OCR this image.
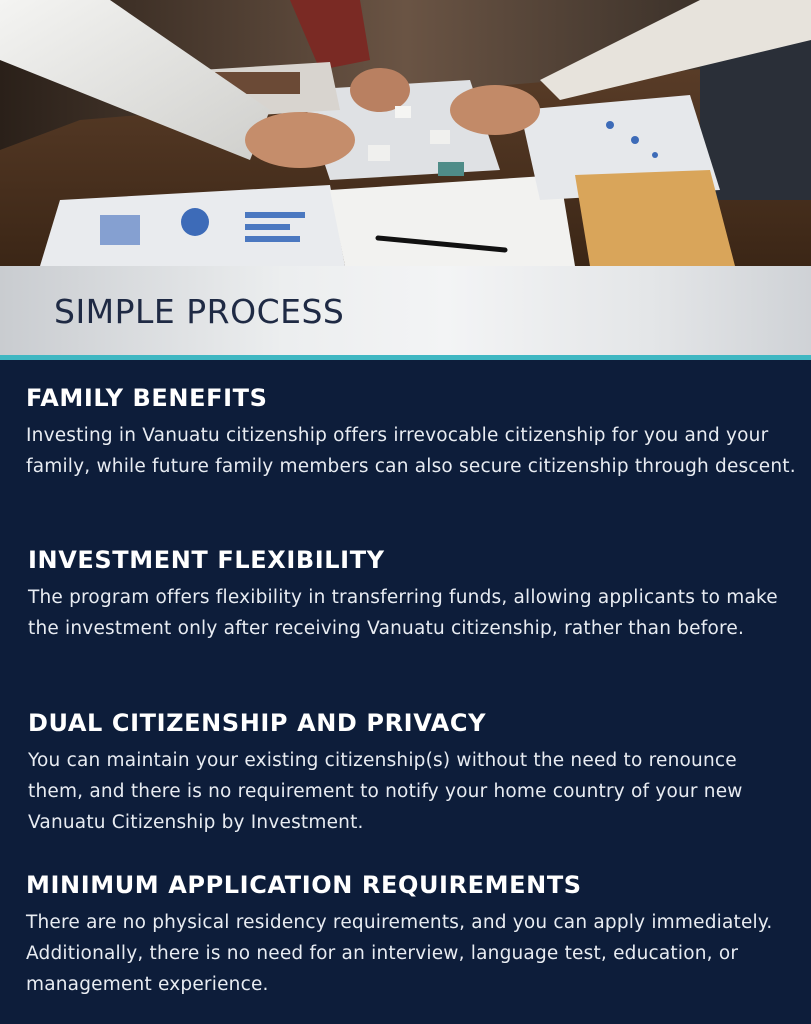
SIMPLE PROCESS
FAMILY BENEFITS

Investing in Vanuatu citizenship offers irrevocable citizenship for you and your family, while future family members can also secure citizenship through descent.

INVESTMENT FLEXIBILITY

The program offers flexibility in transferring funds, allowing applicants to make the investment only after receiving Vanuatu citizenship, rather than before.

DUAL CITIZENSHIP AND PRIVACY

You can maintain your existing citizenship(s) without the need to renounce them, and there is no requirement to notify your home country of your new Vanuatu Citizenship by Investment.

MINIMUM APPLICATION REQUIREMENTS

There are no physical residency requirements, and you can apply immediately. Additionally, there is no need for an interview, language test, education, or management experience.
